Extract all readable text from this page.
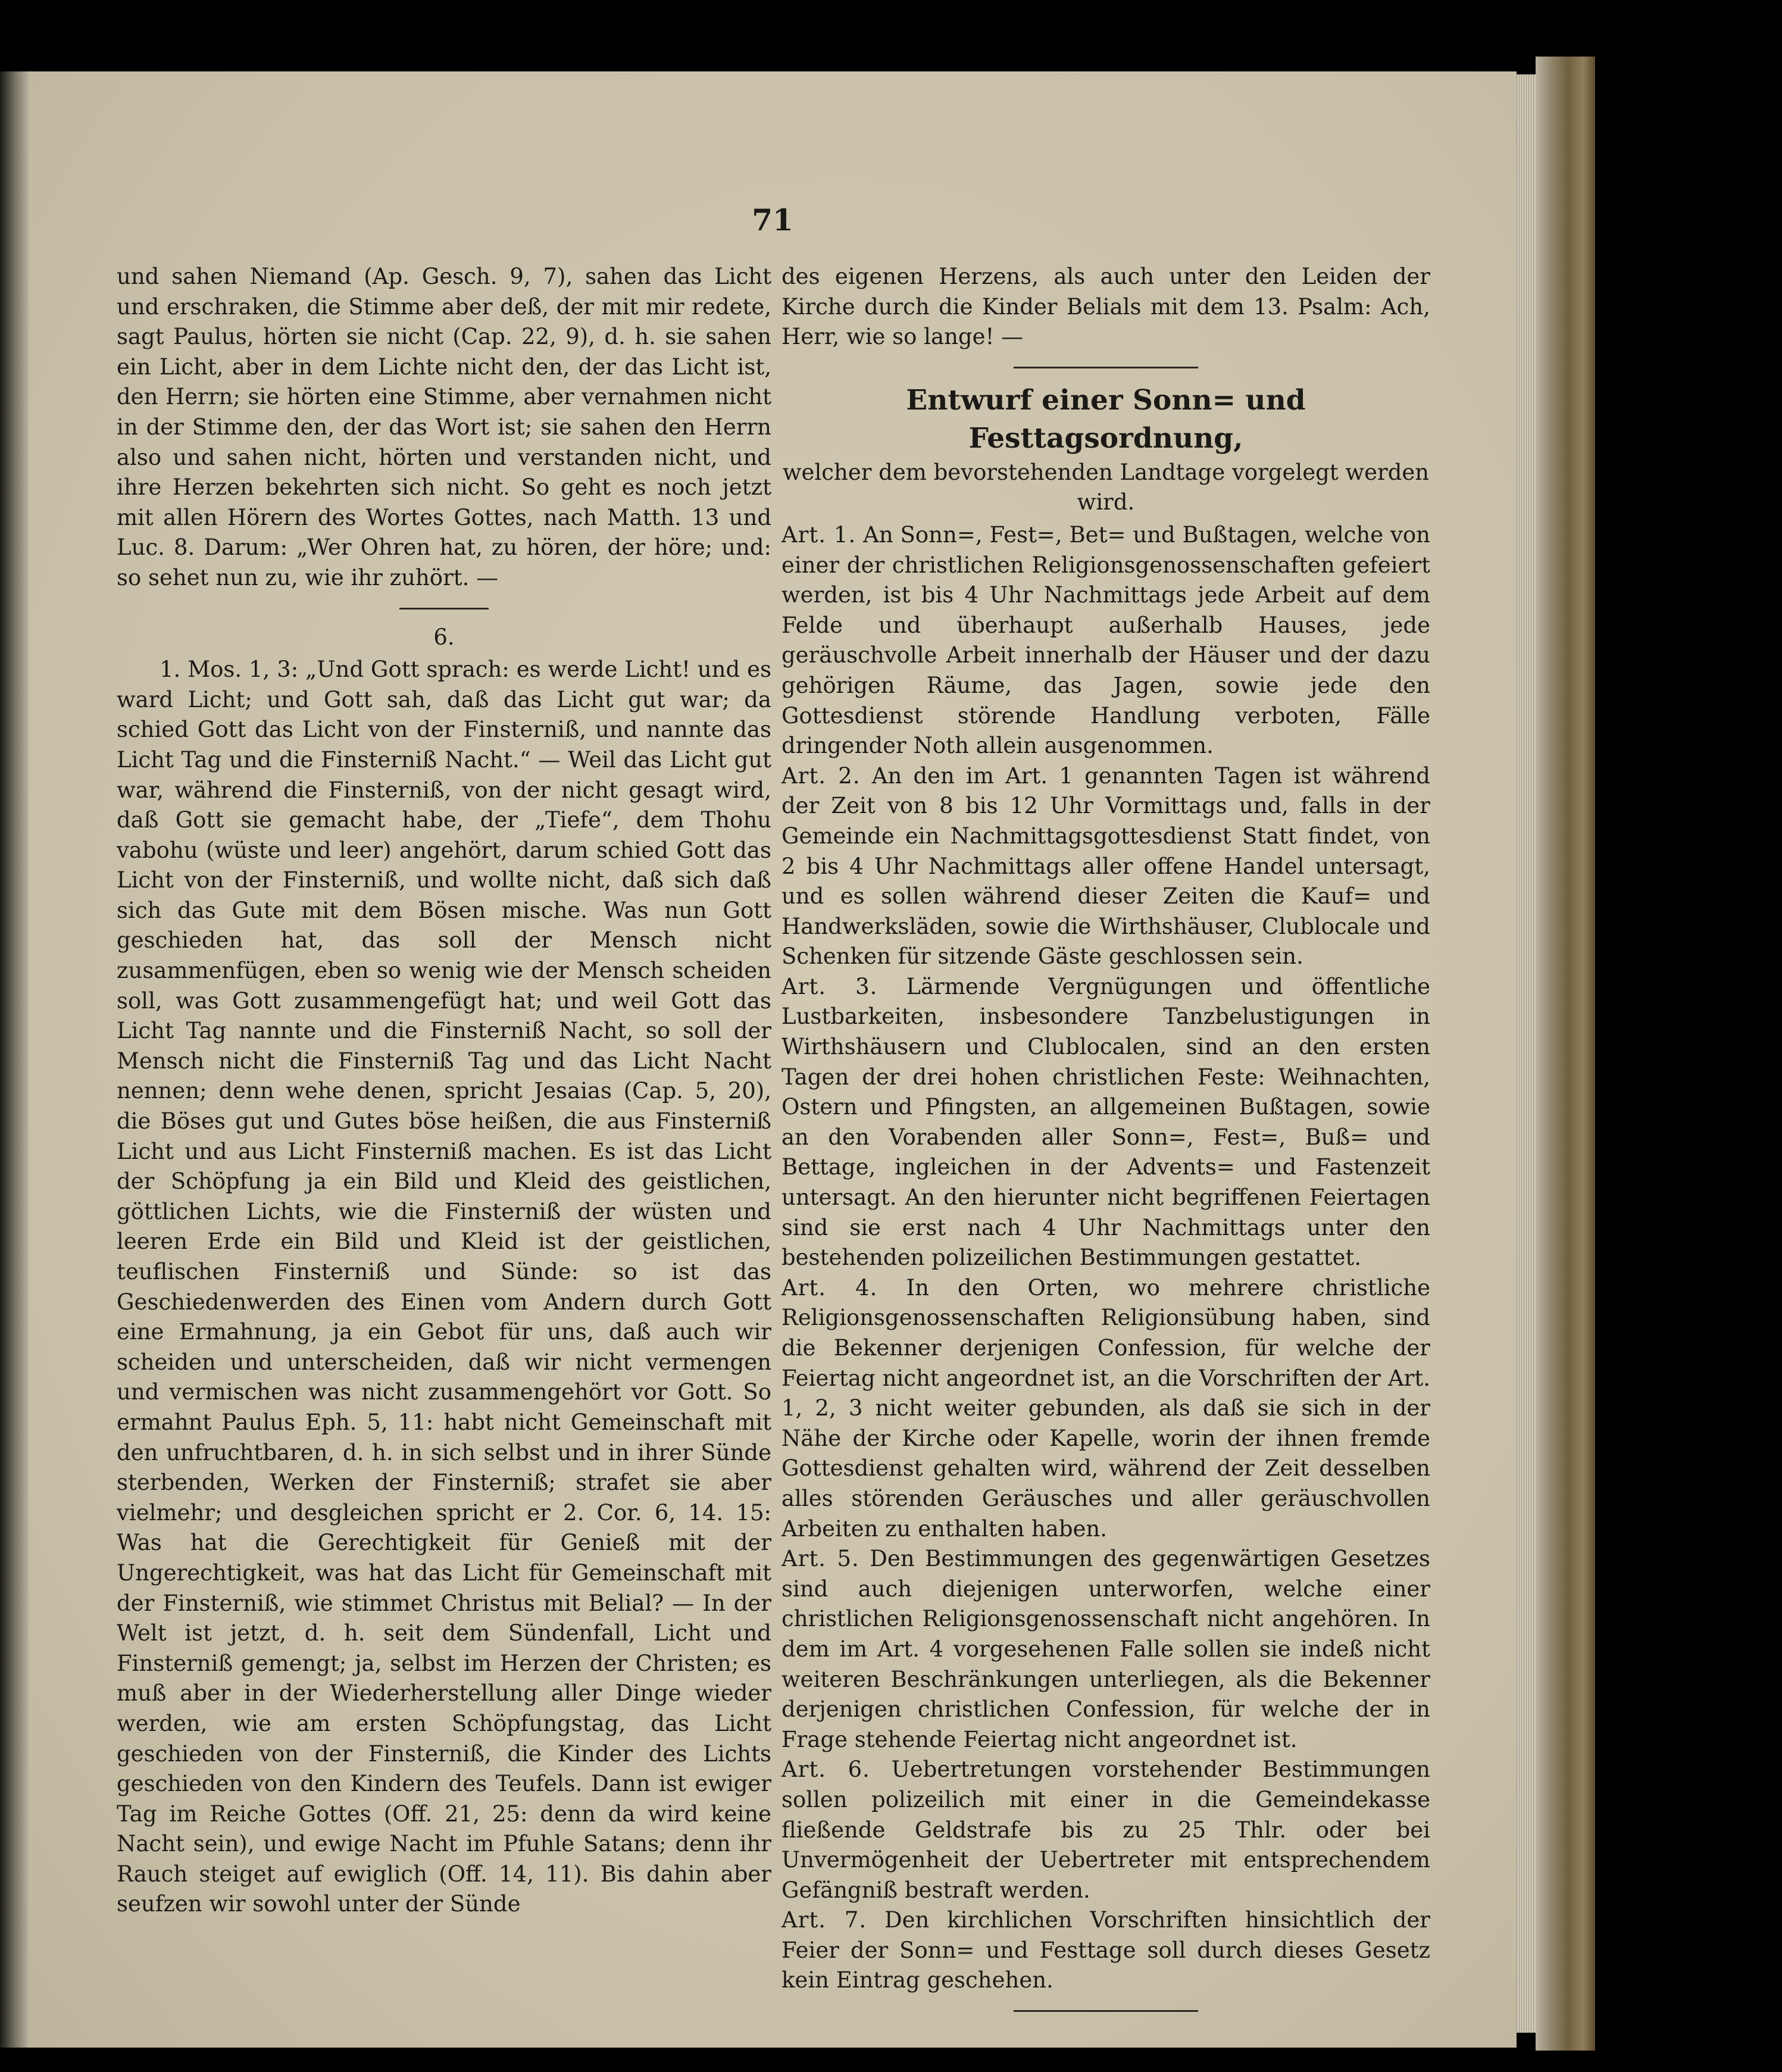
71

und sahen Niemand (Ap. Gesch. 9, 7), sahen das Licht und erschraken, die Stimme aber deß, der mit mir redete, sagt Paulus, hörten sie nicht (Cap. 22, 9), d. h. sie sahen ein Licht, aber in dem Lichte nicht den, der das Licht ist, den Herrn; sie hörten eine Stimme, aber vernahmen nicht in der Stimme den, der das Wort ist; sie sahen den Herrn also und sahen nicht, hörten und verstanden nicht, und ihre Herzen bekehrten sich nicht. So geht es noch jetzt mit allen Hörern des Wortes Gottes, nach Matth. 13 und Luc. 8. Darum: „Wer Ohren hat, zu hören, der höre; und: so sehet nun zu, wie ihr zuhört. —

6.

1. Mos. 1, 3: „Und Gott sprach: es werde Licht! und es ward Licht; und Gott sah, daß das Licht gut war; da schied Gott das Licht von der Finsterniß, und nannte das Licht Tag und die Finsterniß Nacht.“ — Weil das Licht gut war, während die Finsterniß, von der nicht gesagt wird, daß Gott sie gemacht habe, der „Tiefe“, dem Thohu vabohu (wüste und leer) angehört, darum schied Gott das Licht von der Finsterniß, und wollte nicht, daß sich daß sich das Gute mit dem Bösen mische. Was nun Gott geschieden hat, das soll der Mensch nicht zusammenfügen, eben so wenig wie der Mensch scheiden soll, was Gott zusammengefügt hat; und weil Gott das Licht Tag nannte und die Finsterniß Nacht, so soll der Mensch nicht die Finsterniß Tag und das Licht Nacht nennen; denn wehe denen, spricht Jesaias (Cap. 5, 20), die Böses gut und Gutes böse heißen, die aus Finsterniß Licht und aus Licht Finsterniß machen. Es ist das Licht der Schöpfung ja ein Bild und Kleid des geistlichen, göttlichen Lichts, wie die Finsterniß der wüsten und leeren Erde ein Bild und Kleid ist der geistlichen, teuflischen Finsterniß und Sünde: so ist das Geschiedenwerden des Einen vom Andern durch Gott eine Ermahnung, ja ein Gebot für uns, daß auch wir scheiden und unterscheiden, daß wir nicht vermengen und vermischen was nicht zusammengehört vor Gott. So ermahnt Paulus Eph. 5, 11: habt nicht Gemeinschaft mit den unfruchtbaren, d. h. in sich selbst und in ihrer Sünde sterbenden, Werken der Finsterniß; strafet sie aber vielmehr; und desgleichen spricht er 2. Cor. 6, 14. 15: Was hat die Gerechtigkeit für Genieß mit der Ungerechtigkeit, was hat das Licht für Gemeinschaft mit der Finsterniß, wie stimmet Christus mit Belial? — In der Welt ist jetzt, d. h. seit dem Sündenfall, Licht und Finsterniß gemengt; ja, selbst im Herzen der Christen; es muß aber in der Wiederherstellung aller Dinge wieder werden, wie am ersten Schöpfungstag, das Licht geschieden von der Finsterniß, die Kinder des Lichts geschieden von den Kindern des Teufels. Dann ist ewiger Tag im Reiche Gottes (Off. 21, 25: denn da wird keine Nacht sein), und ewige Nacht im Pfuhle Satans; denn ihr Rauch steiget auf ewiglich (Off. 14, 11). Bis dahin aber seufzen wir sowohl unter der Sünde

des eigenen Herzens, als auch unter den Leiden der Kirche durch die Kinder Belials mit dem 13. Psalm: Ach, Herr, wie so lange! —

Entwurf einer Sonn= und Festtagsordnung,
welcher dem bevorstehenden Landtage vorgelegt werden wird.

Art. 1. An Sonn=, Fest=, Bet= und Bußtagen, welche von einer der christlichen Religionsgenossenschaften gefeiert werden, ist bis 4 Uhr Nachmittags jede Arbeit auf dem Felde und überhaupt außerhalb Hauses, jede geräuschvolle Arbeit innerhalb der Häuser und der dazu gehörigen Räume, das Jagen, sowie jede den Gottesdienst störende Handlung verboten, Fälle dringender Noth allein ausgenommen.

Art. 2. An den im Art. 1 genannten Tagen ist während der Zeit von 8 bis 12 Uhr Vormittags und, falls in der Gemeinde ein Nachmittagsgottesdienst Statt findet, von 2 bis 4 Uhr Nachmittags aller offene Handel untersagt, und es sollen während dieser Zeiten die Kauf= und Handwerksläden, sowie die Wirthshäuser, Clublocale und Schenken für sitzende Gäste geschlossen sein.

Art. 3. Lärmende Vergnügungen und öffentliche Lustbarkeiten, insbesondere Tanzbelustigungen in Wirthshäusern und Clublocalen, sind an den ersten Tagen der drei hohen christlichen Feste: Weihnachten, Ostern und Pfingsten, an allgemeinen Bußtagen, sowie an den Vorabenden aller Sonn=, Fest=, Buß= und Bettage, ingleichen in der Advents= und Fastenzeit untersagt. An den hierunter nicht begriffenen Feiertagen sind sie erst nach 4 Uhr Nachmittags unter den bestehenden polizeilichen Bestimmungen gestattet.

Art. 4. In den Orten, wo mehrere christliche Religionsgenossenschaften Religionsübung haben, sind die Bekenner derjenigen Confession, für welche der Feiertag nicht angeordnet ist, an die Vorschriften der Art. 1, 2, 3 nicht weiter gebunden, als daß sie sich in der Nähe der Kirche oder Kapelle, worin der ihnen fremde Gottesdienst gehalten wird, während der Zeit desselben alles störenden Geräusches und aller geräuschvollen Arbeiten zu enthalten haben.

Art. 5. Den Bestimmungen des gegenwärtigen Gesetzes sind auch diejenigen unterworfen, welche einer christlichen Religionsgenossenschaft nicht angehören. In dem im Art. 4 vorgesehenen Falle sollen sie indeß nicht weiteren Beschränkungen unterliegen, als die Bekenner derjenigen christlichen Confession, für welche der in Frage stehende Feiertag nicht angeordnet ist.

Art. 6. Uebertretungen vorstehender Bestimmungen sollen polizeilich mit einer in die Gemeindekasse fließende Geldstrafe bis zu 25 Thlr. oder bei Unvermögenheit der Uebertreter mit entsprechendem Gefängniß bestraft werden.

Art. 7. Den kirchlichen Vorschriften hinsichtlich der Feier der Sonn= und Festtage soll durch dieses Gesetz kein Eintrag geschehen.
